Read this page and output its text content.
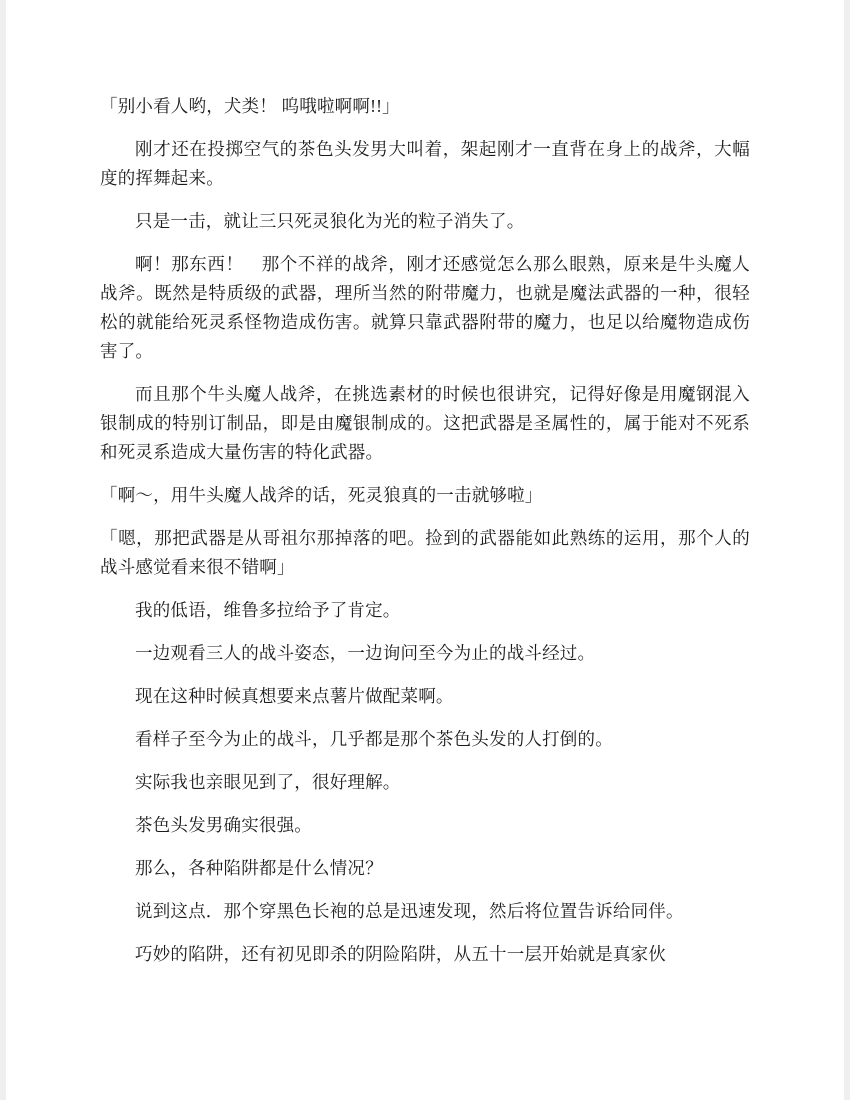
「别小看人哟，犬类！ 呜哦啦啊啊!!」

刚才还在投掷空气的茶色头发男大叫着，架起刚才一直背在身上的战斧，大幅度的挥舞起来。

只是一击，就让三只死灵狼化为光的粒子消失了。

啊！那东西！　那个不祥的战斧，刚才还感觉怎么那么眼熟，原来是牛头魔人战斧。既然是特质级的武器，理所当然的附带魔力，也就是魔法武器的一种，很轻松的就能给死灵系怪物造成伤害。就算只靠武器附带的魔力，也足以给魔物造成伤害了。

而且那个牛头魔人战斧，在挑选素材的时候也很讲究，记得好像是用魔钢混入银制成的特别订制品，即是由魔银制成的。这把武器是圣属性的，属于能对不死系和死灵系造成大量伤害的特化武器。

「啊～，用牛头魔人战斧的话，死灵狼真的一击就够啦」

「嗯，那把武器是从哥祖尔那掉落的吧。捡到的武器能如此熟练的运用，那个人的战斗感觉看来很不错啊」

我的低语，维鲁多拉给予了肯定。

一边观看三人的战斗姿态，一边询问至今为止的战斗经过。

现在这种时候真想要来点薯片做配菜啊。

看样子至今为止的战斗，几乎都是那个茶色头发的人打倒的。

实际我也亲眼见到了，很好理解。

茶色头发男确实很强。

那么，各种陷阱都是什么情况？

说到这点．那个穿黑色长袍的总是迅速发现，然后将位置告诉给同伴。

巧妙的陷阱，还有初见即杀的阴险陷阱，从五十一层开始就是真家伙
